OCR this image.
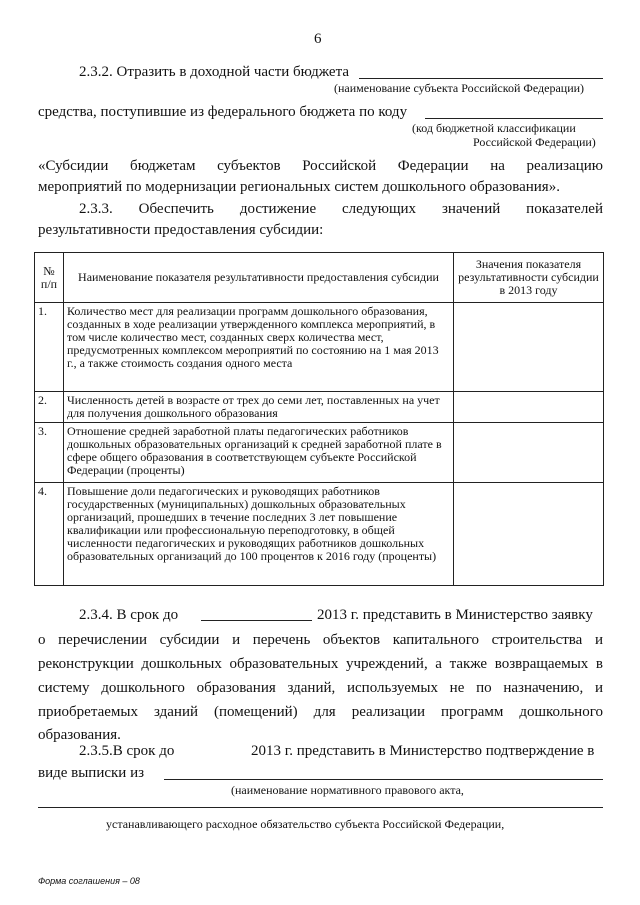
6
2.3.2. Отразить в доходной части бюджета
(наименование субъекта Российской Федерации)
средства, поступившие из федерального бюджета по коду
(код бюджетной классификации
Российской Федерации)
«Субсидии бюджетам субъектов Российской Федерации на реализацию
мероприятий по модернизации региональных систем дошкольного образования».
2.3.3. Обеспечить достижение следующих значений показателей
результативности предоставления субсидии:
№ п/п	Наименование показателя результативности предоставления субсидии	Значения показателя результативности субсидии в 2013 году
1.	Количество мест для реализации программ дошкольного образования, созданных в ходе реализации утвержденного комплекса мероприятий, в том числе количество мест, созданных сверх количества мест, предусмотренных комплексом мероприятий по состоянию на 1 мая 2013 г., а также стоимость создания одного места	
2.	Численность детей в возрасте от трех до семи лет, поставленных на учет для получения дошкольного образования	
3.	Отношение средней заработной платы педагогических работников дошкольных образовательных организаций к средней заработной плате в сфере общего образования в соответствующем субъекте Российской Федерации (проценты)	
4.	Повышение доли педагогических и руководящих работников государственных (муниципальных) дошкольных образовательных организаций, прошедших в течение последних 3 лет повышение квалификации или профессиональную переподготовку, в общей численности педагогических и руководящих работников дошкольных образовательных организаций до 100 процентов к 2016 году (проценты)	
2.3.4. В срок до	2013 г. представить в Министерство заявку
о перечислении субсидии и перечень объектов капитального строительства и
реконструкции дошкольных образовательных учреждений, а также возвращаемых в
систему дошкольного образования зданий, используемых не по назначению, и
приобретаемых зданий (помещений) для реализации программ дошкольного
образования.
2.3.5.В срок до	2013 г. представить в Министерство подтверждение в
виде выписки из
(наименование нормативного правового акта,
устанавливающего расходное обязательство субъекта Российской Федерации,
Форма соглашения – 08
